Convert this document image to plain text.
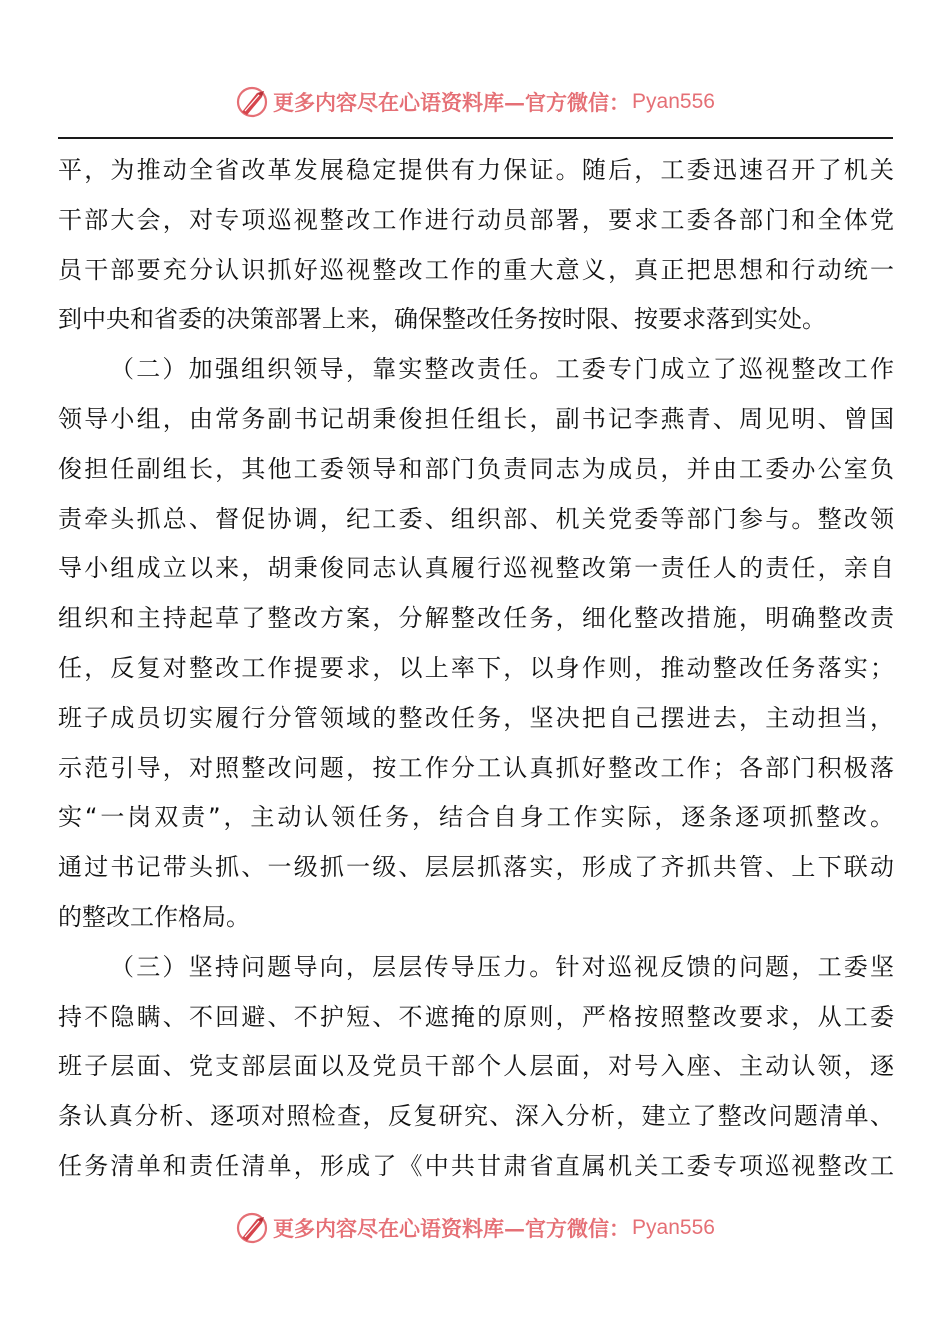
更多内容尽在心语资料库—官方微信： Pyan556
平，为推动全省改革发展稳定提供有力保证。随后，工委迅速召开了机关
干部大会，对专项巡视整改工作进行动员部署，要求工委各部门和全体党
员干部要充分认识抓好巡视整改工作的重大意义，真正把思想和行动统一
到中央和省委的决策部署上来，确保整改任务按时限、按要求落到实处。
（二）加强组织领导，靠实整改责任。工委专门成立了巡视整改工作
领导小组，由常务副书记胡秉俊担任组长，副书记李燕青、周见明、曾国
俊担任副组长，其他工委领导和部门负责同志为成员，并由工委办公室负
责牵头抓总、督促协调，纪工委、组织部、机关党委等部门参与。整改领
导小组成立以来，胡秉俊同志认真履行巡视整改第一责任人的责任，亲自
组织和主持起草了整改方案，分解整改任务，细化整改措施，明确整改责
任，反复对整改工作提要求，以上率下，以身作则，推动整改任务落实；
班子成员切实履行分管领域的整改任务，坚决把自己摆进去，主动担当，
示范引导，对照整改问题，按工作分工认真抓好整改工作；各部门积极落
实“一岗双责”，主动认领任务，结合自身工作实际，逐条逐项抓整改。
通过书记带头抓、一级抓一级、层层抓落实，形成了齐抓共管、上下联动
的整改工作格局。
（三）坚持问题导向，层层传导压力。针对巡视反馈的问题，工委坚
持不隐瞒、不回避、不护短、不遮掩的原则，严格按照整改要求，从工委
班子层面、党支部层面以及党员干部个人层面，对号入座、主动认领，逐
条认真分析、逐项对照检查，反复研究、深入分析，建立了整改问题清单、
任务清单和责任清单，形成了《中共甘肃省直属机关工委专项巡视整改工
更多内容尽在心语资料库—官方微信： Pyan556
